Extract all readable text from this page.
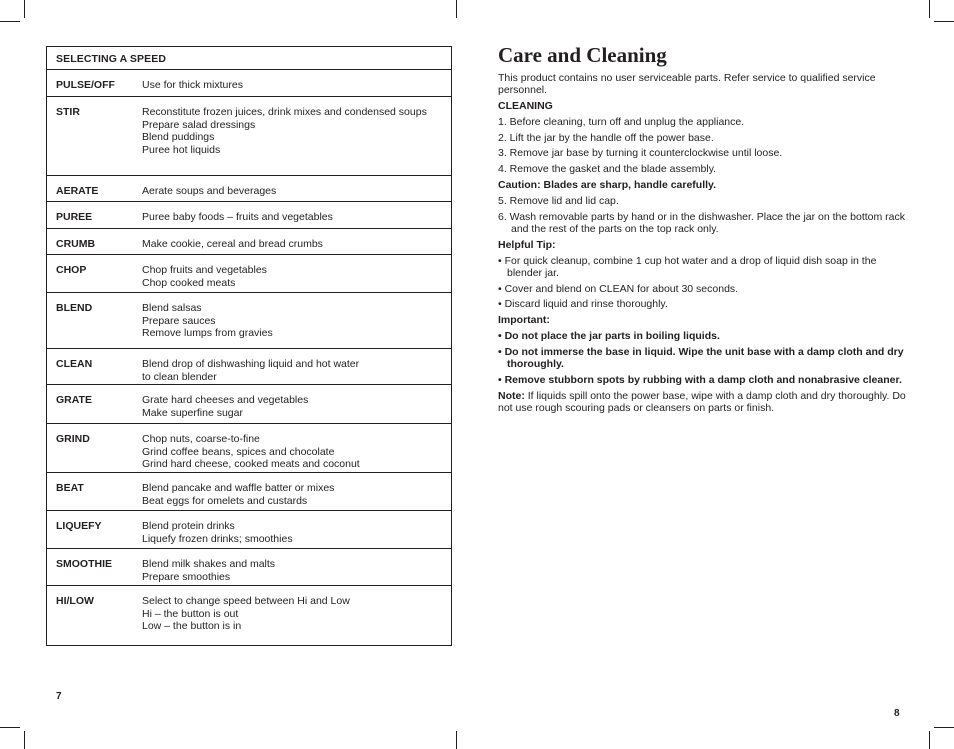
SELECTING A SPEED
PULSE/OFF	Use for thick mixtures
STIR	Reconstitute frozen juices, drink mixes and condensed soups
Prepare salad dressings
Blend puddings
Puree hot liquids
AERATE	Aerate soups and beverages
PUREE	Puree baby foods – fruits and vegetables
CRUMB	Make cookie, cereal and bread crumbs
CHOP	Chop fruits and vegetables
Chop cooked meats
BLEND	Blend salsas
Prepare sauces
Remove lumps from gravies
CLEAN	Blend drop of dishwashing liquid and hot water
to clean blender
GRATE	Grate hard cheeses and vegetables
Make superfine sugar
GRIND	Chop nuts, coarse-to-fine
Grind coffee beans, spices and chocolate
Grind hard cheese, cooked meats and coconut
BEAT	Blend pancake and waffle batter or mixes
Beat eggs for omelets and custards
LIQUEFY	Blend protein drinks
Liquefy frozen drinks; smoothies
SMOOTHIE	Blend milk shakes and malts
Prepare smoothies
HI/LOW	Select to change speed between Hi and Low
Hi – the button is out
Low – the button is in
7
Care and Cleaning

This product contains no user serviceable parts. Refer service to qualified service personnel.

CLEANING

1. Before cleaning, turn off and unplug the appliance.

2. Lift the jar by the handle off the power base.

3. Remove jar base by turning it counterclockwise until loose.

4. Remove the gasket and the blade assembly.

Caution: Blades are sharp, handle carefully.

5. Remove lid and lid cap.

6. Wash removable parts by hand or in the dishwasher. Place the jar on the bottom rack and the rest of the parts on the top rack only.

Helpful Tip:

• For quick cleanup, combine 1 cup hot water and a drop of liquid dish soap in the blender jar.

• Cover and blend on CLEAN for about 30 seconds.

• Discard liquid and rinse thoroughly.

Important:

• Do not place the jar parts in boiling liquids.

• Do not immerse the base in liquid. Wipe the unit base with a damp cloth and dry thoroughly.

• Remove stubborn spots by rubbing with a damp cloth and nonabrasive cleaner.

Note: If liquids spill onto the power base, wipe with a damp cloth and dry thoroughly. Do not use rough scouring pads or cleansers on parts or finish.

8
